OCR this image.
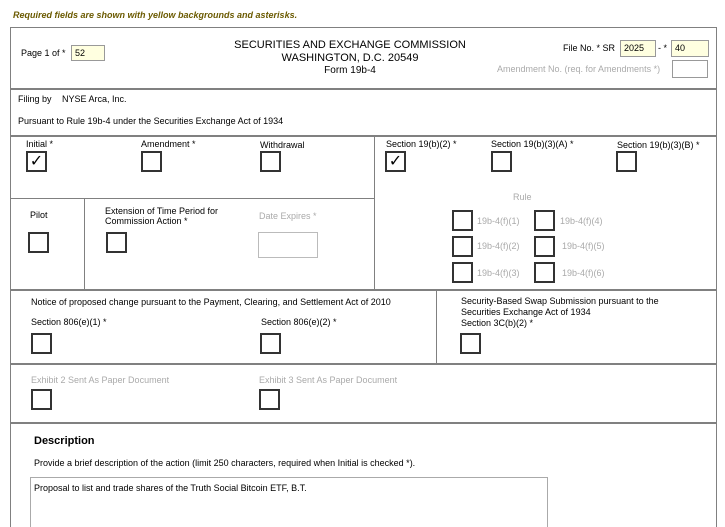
Required fields are shown with yellow backgrounds and asterisks.
Page 1 of *	52
SECURITIES AND EXCHANGE COMMISSION
WASHINGTON, D.C. 20549
Form 19b-4
File No. * SR 2025	- * 40
Amendment No. (req. for Amendments *)
Filing by NYSE Arca, Inc.
Pursuant to Rule 19b-4 under the Securities Exchange Act of 1934
Initial *
✓
Amendment *	Withdrawal	Section 19(b)(2) *
✓
Section 19(b)(3)(A) *	Section 19(b)(3)(B) *
Pilot	Extension of Time Period for
Commission Action *	Date Expires *
Rule
19b-4(f)(1)
19b-4(f)(2)
19b-4(f)(3)
19b-4(f)(4)
19b-4(f)(5)
19b-4(f)(6)
Notice of proposed change pursuant to the Payment, Clearing, and Settlement Act of 2010
Section 806(e)(1) *	Section 806(e)(2) *
Security-Based Swap Submission pursuant to the
Securities Exchange Act of 1934
Section 3C(b)(2) *
Exhibit 2 Sent As Paper Document	Exhibit 3 Sent As Paper Document
Description
Provide a brief description of the action (limit 250 characters, required when Initial is checked *).
Proposal to list and trade shares of the Truth Social Bitcoin ETF, B.T.
